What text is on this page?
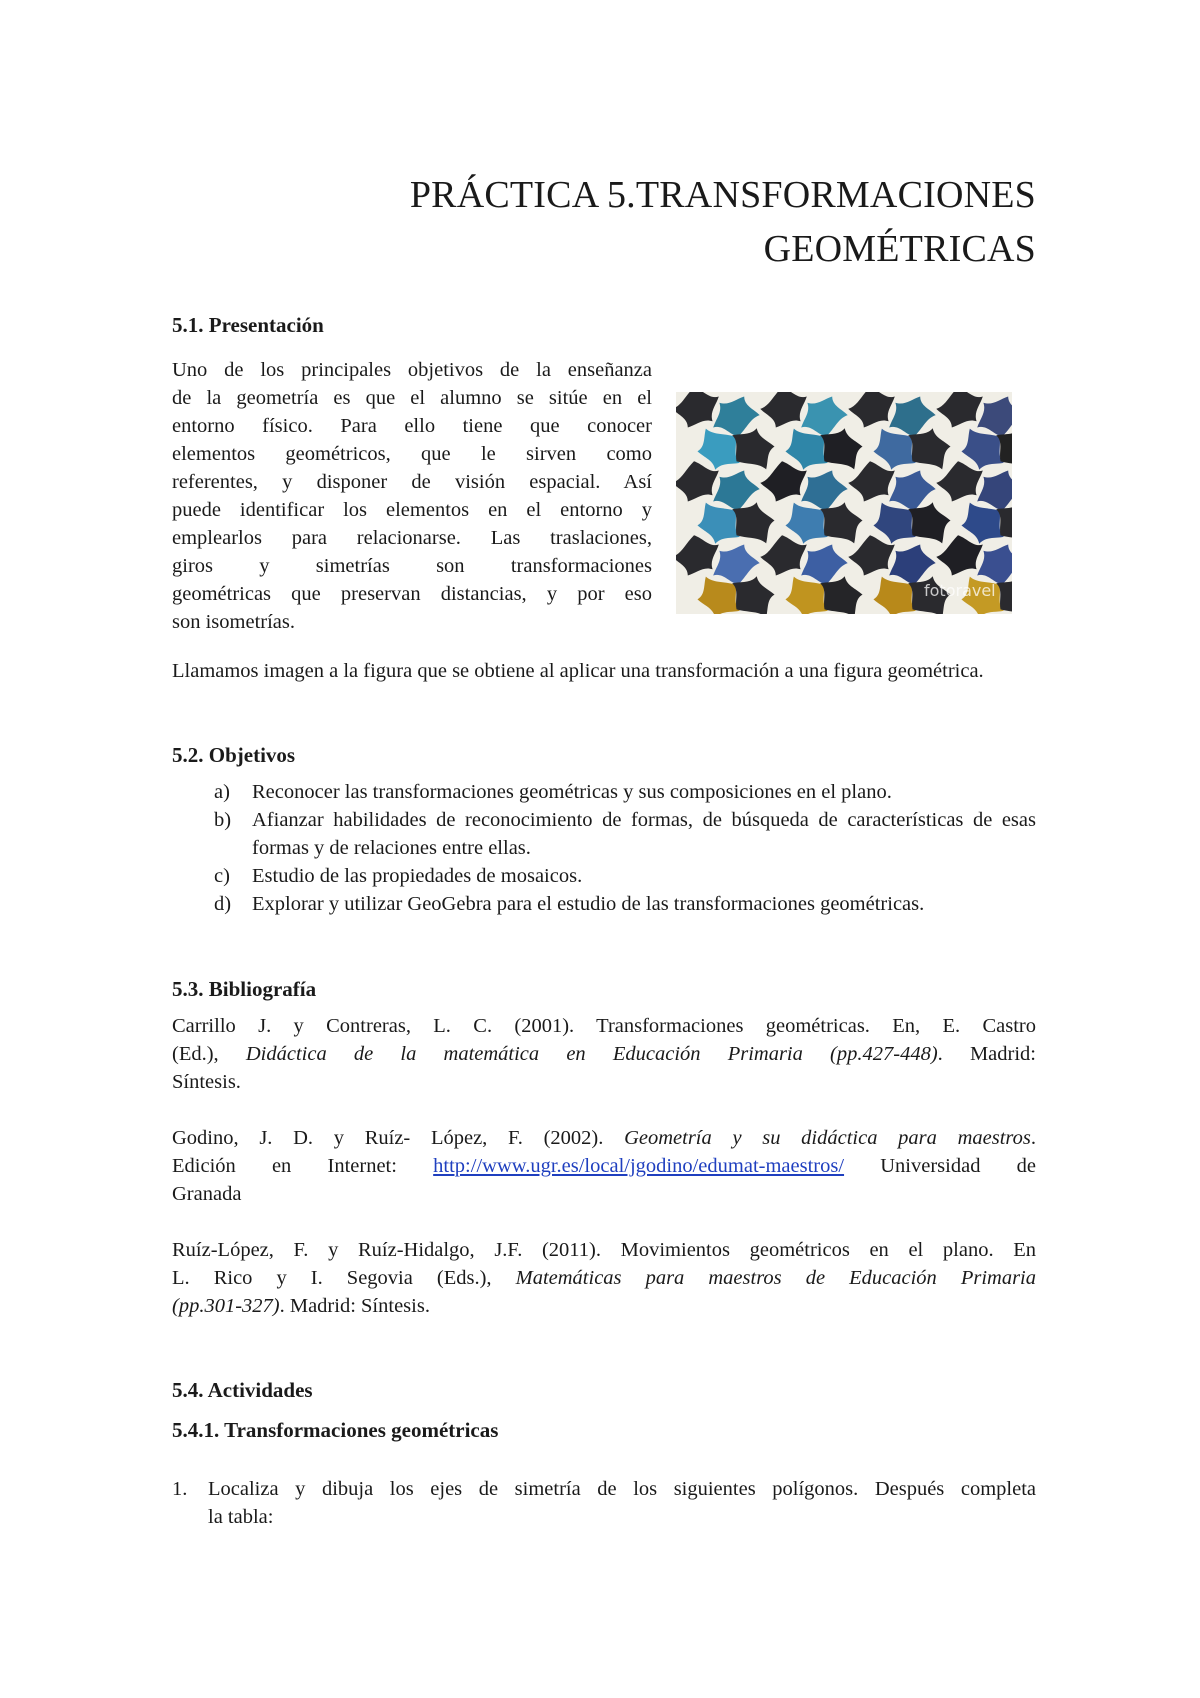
PRÁCTICA 5.TRANSFORMACIONES
GEOMÉTRICAS
5.1. Presentación
Uno de los principales objetivos de la enseñanza
de la geometría es que el alumno se sitúe en el
entorno físico. Para ello tiene que conocer
elementos geométricos, que le sirven como
referentes, y disponer de visión espacial. Así
puede identificar los elementos en el entorno y
emplearlos para relacionarse. Las traslaciones,
giros y simetrías son transformaciones
geométricas que preservan distancias, y por eso
son isometrías.
fotoravel
Llamamos imagen a la figura que se obtiene al aplicar una transformación a una figura geométrica.
5.2. Objetivos
a) Reconocer las transformaciones geométricas y sus composiciones en el plano.
b) Afianzar habilidades de reconocimiento de formas, de búsqueda de características de esas formas y de relaciones entre ellas.
c) Estudio de las propiedades de mosaicos.
d) Explorar y utilizar GeoGebra para el estudio de las transformaciones geométricas.
5.3. Bibliografía
Carrillo J. y Contreras, L. C. (2001). Transformaciones geométricas. En, E. Castro
(Ed.), Didáctica de la matemática en Educación Primaria (pp.427-448). Madrid:
Síntesis.
Godino, J. D. y Ruíz- López, F. (2002). Geometría y su didáctica para maestros.
Edición en Internet: http://www.ugr.es/local/jgodino/edumat-maestros/ Universidad de
Granada
Ruíz-López, F. y Ruíz-Hidalgo, J.F. (2011). Movimientos geométricos en el plano. En
L. Rico y I. Segovia (Eds.), Matemáticas para maestros de Educación Primaria
(pp.301-327). Madrid: Síntesis.
5.4. Actividades
5.4.1. Transformaciones geométricas
1.	Localiza y dibuja los ejes de simetría de los siguientes polígonos. Después completa
la tabla:
